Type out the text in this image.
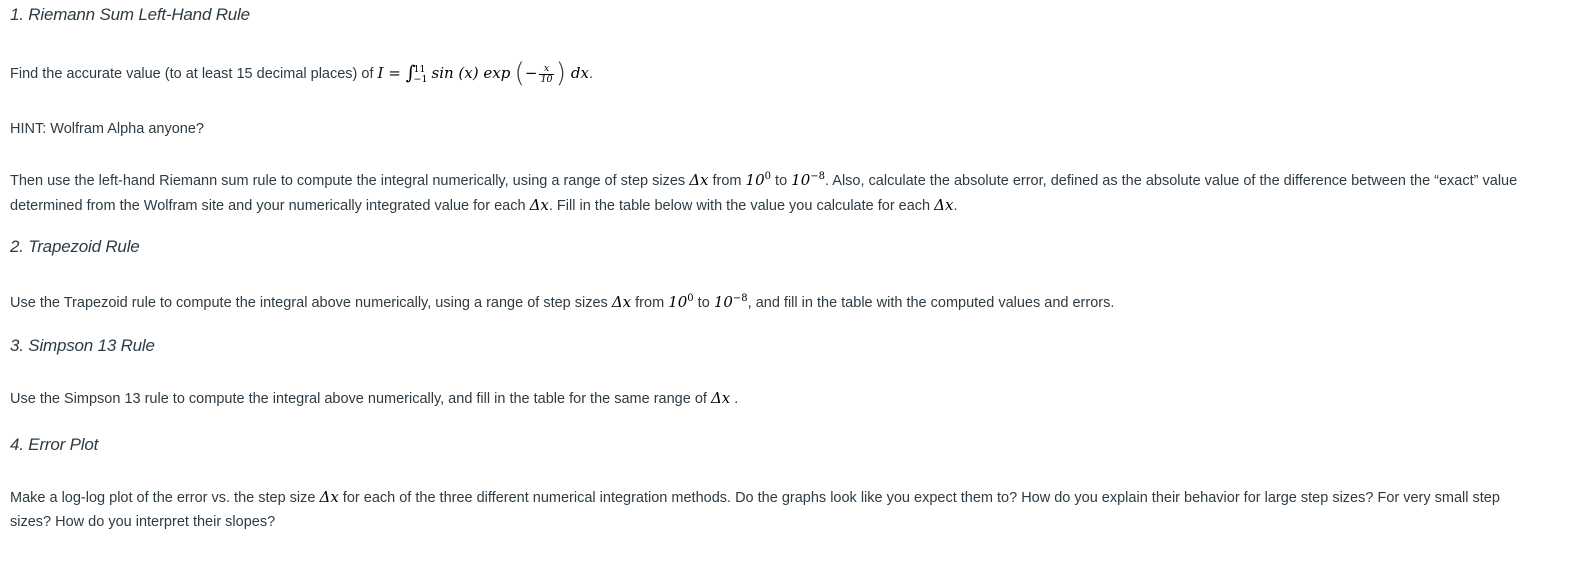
1. Riemann Sum Left-Hand Rule

Find the accurate value (to at least 15 decimal places) of I = ∫
11
−1 sin (x) exp (− $\frac{x}{10}$ ) dx.

HINT: Wolfram Alpha anyone?

Then use the left-hand Riemann sum rule to compute the integral numerically, using a range of step sizes Δx from $10^0$ to $10^{-8}$. Also, calculate the absolute error, defined as the absolute value of the difference between the “exact” value determined from the Wolfram site and your numerically integrated value for each Δx. Fill in the table below with the value you calculate for each Δx.

2. Trapezoid Rule

Use the Trapezoid rule to compute the integral above numerically, using a range of step sizes Δx from $10^0$ to $10^{-8}$, and fill in the table with the computed values and errors.

3. Simpson 13 Rule

Use the Simpson 13 rule to compute the integral above numerically, and fill in the table for the same range of Δx .

4. Error Plot

Make a log-log plot of the error vs. the step size Δx for each of the three different numerical integration methods. Do the graphs look like you expect them to? How do you explain their behavior for large step sizes? For very small step sizes? How do you interpret their slopes?
